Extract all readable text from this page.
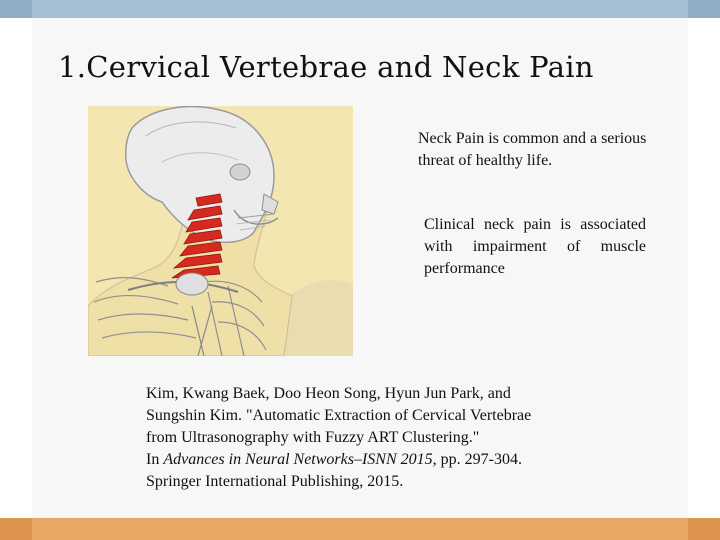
1.Cervical Vertebrae and Neck Pain
Neck Pain is common and a serious threat of healthy life.
Clinical neck pain is associated with impairment of muscle performance
Kim, Kwang Baek, Doo Heon Song, Hyun Jun Park, and
Sungshin Kim. "Automatic Extraction of Cervical Vertebrae
from Ultrasonography with Fuzzy ART Clustering."
In Advances in Neural Networks–ISNN 2015, pp. 297-304.
Springer International Publishing, 2015.
